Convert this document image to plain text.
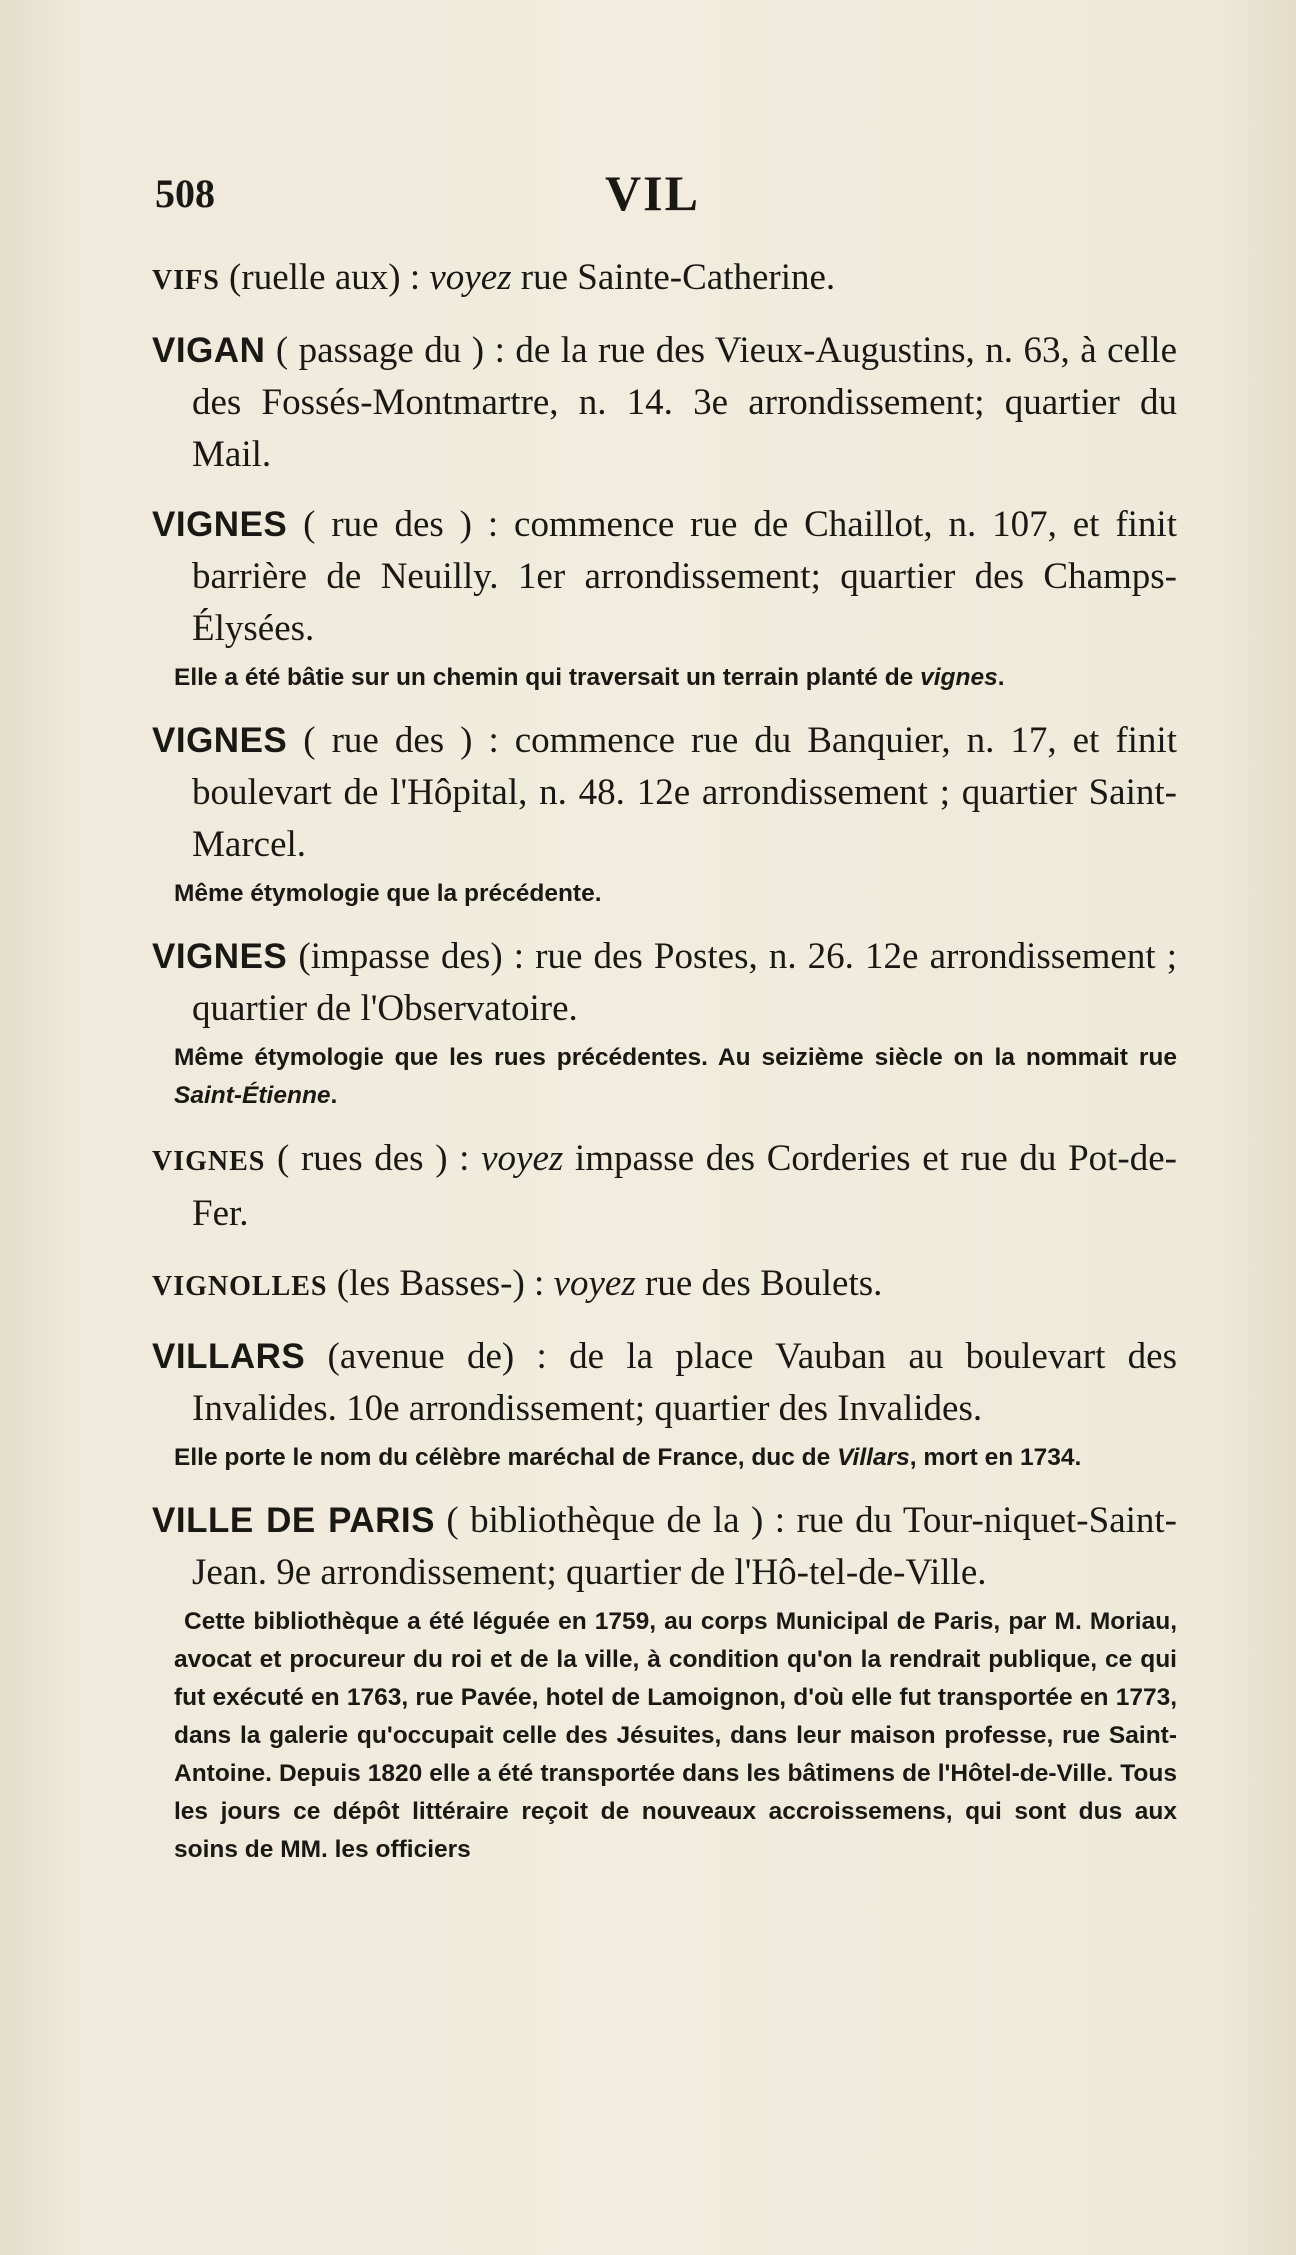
508	VIL

VIFS (ruelle aux) : voyez rue Sainte-Catherine.

VIGAN ( passage du ) : de la rue des Vieux-Augustins, n. 63, à celle des Fossés-Montmartre, n. 14. 3e arrondissement; quartier du Mail.

VIGNES ( rue des ) : commence rue de Chaillot, n. 107, et finit barrière de Neuilly. 1er arrondissement; quartier des Champs-Élysées.

Elle a été bâtie sur un chemin qui traversait un terrain planté de vignes.

VIGNES ( rue des ) : commence rue du Banquier, n. 17, et finit boulevart de l'Hôpital, n. 48. 12e arrondissement ; quartier Saint-Marcel.

Même étymologie que la précédente.

VIGNES (impasse des) : rue des Postes, n. 26. 12e arrondissement ; quartier de l'Observatoire.

Même étymologie que les rues précédentes. Au seizième siècle on la nommait rue Saint-Étienne.

VIGNES ( rues des ) : voyez impasse des Corderies et rue du Pot-de-Fer.

VIGNOLLES (les Basses-) : voyez rue des Boulets.

VILLARS (avenue de) : de la place Vauban au boulevart des Invalides. 10e arrondissement; quartier des Invalides.

Elle porte le nom du célèbre maréchal de France, duc de Villars, mort en 1734.

VILLE DE PARIS ( bibliothèque de la ) : rue du Tour-niquet-Saint-Jean. 9e arrondissement; quartier de l'Hô-tel-de-Ville.

Cette bibliothèque a été léguée en 1759, au corps Municipal de Paris, par M. Moriau, avocat et procureur du roi et de la ville, à condition qu'on la rendrait publique, ce qui fut exécuté en 1763, rue Pavée, hotel de Lamoignon, d'où elle fut transportée en 1773, dans la galerie qu'occupait celle des Jésuites, dans leur maison professe, rue Saint-Antoine. Depuis 1820 elle a été transportée dans les bâtimens de l'Hôtel-de-Ville. Tous les jours ce dépôt littéraire reçoit de nouveaux accroissemens, qui sont dus aux soins de MM. les officiers
